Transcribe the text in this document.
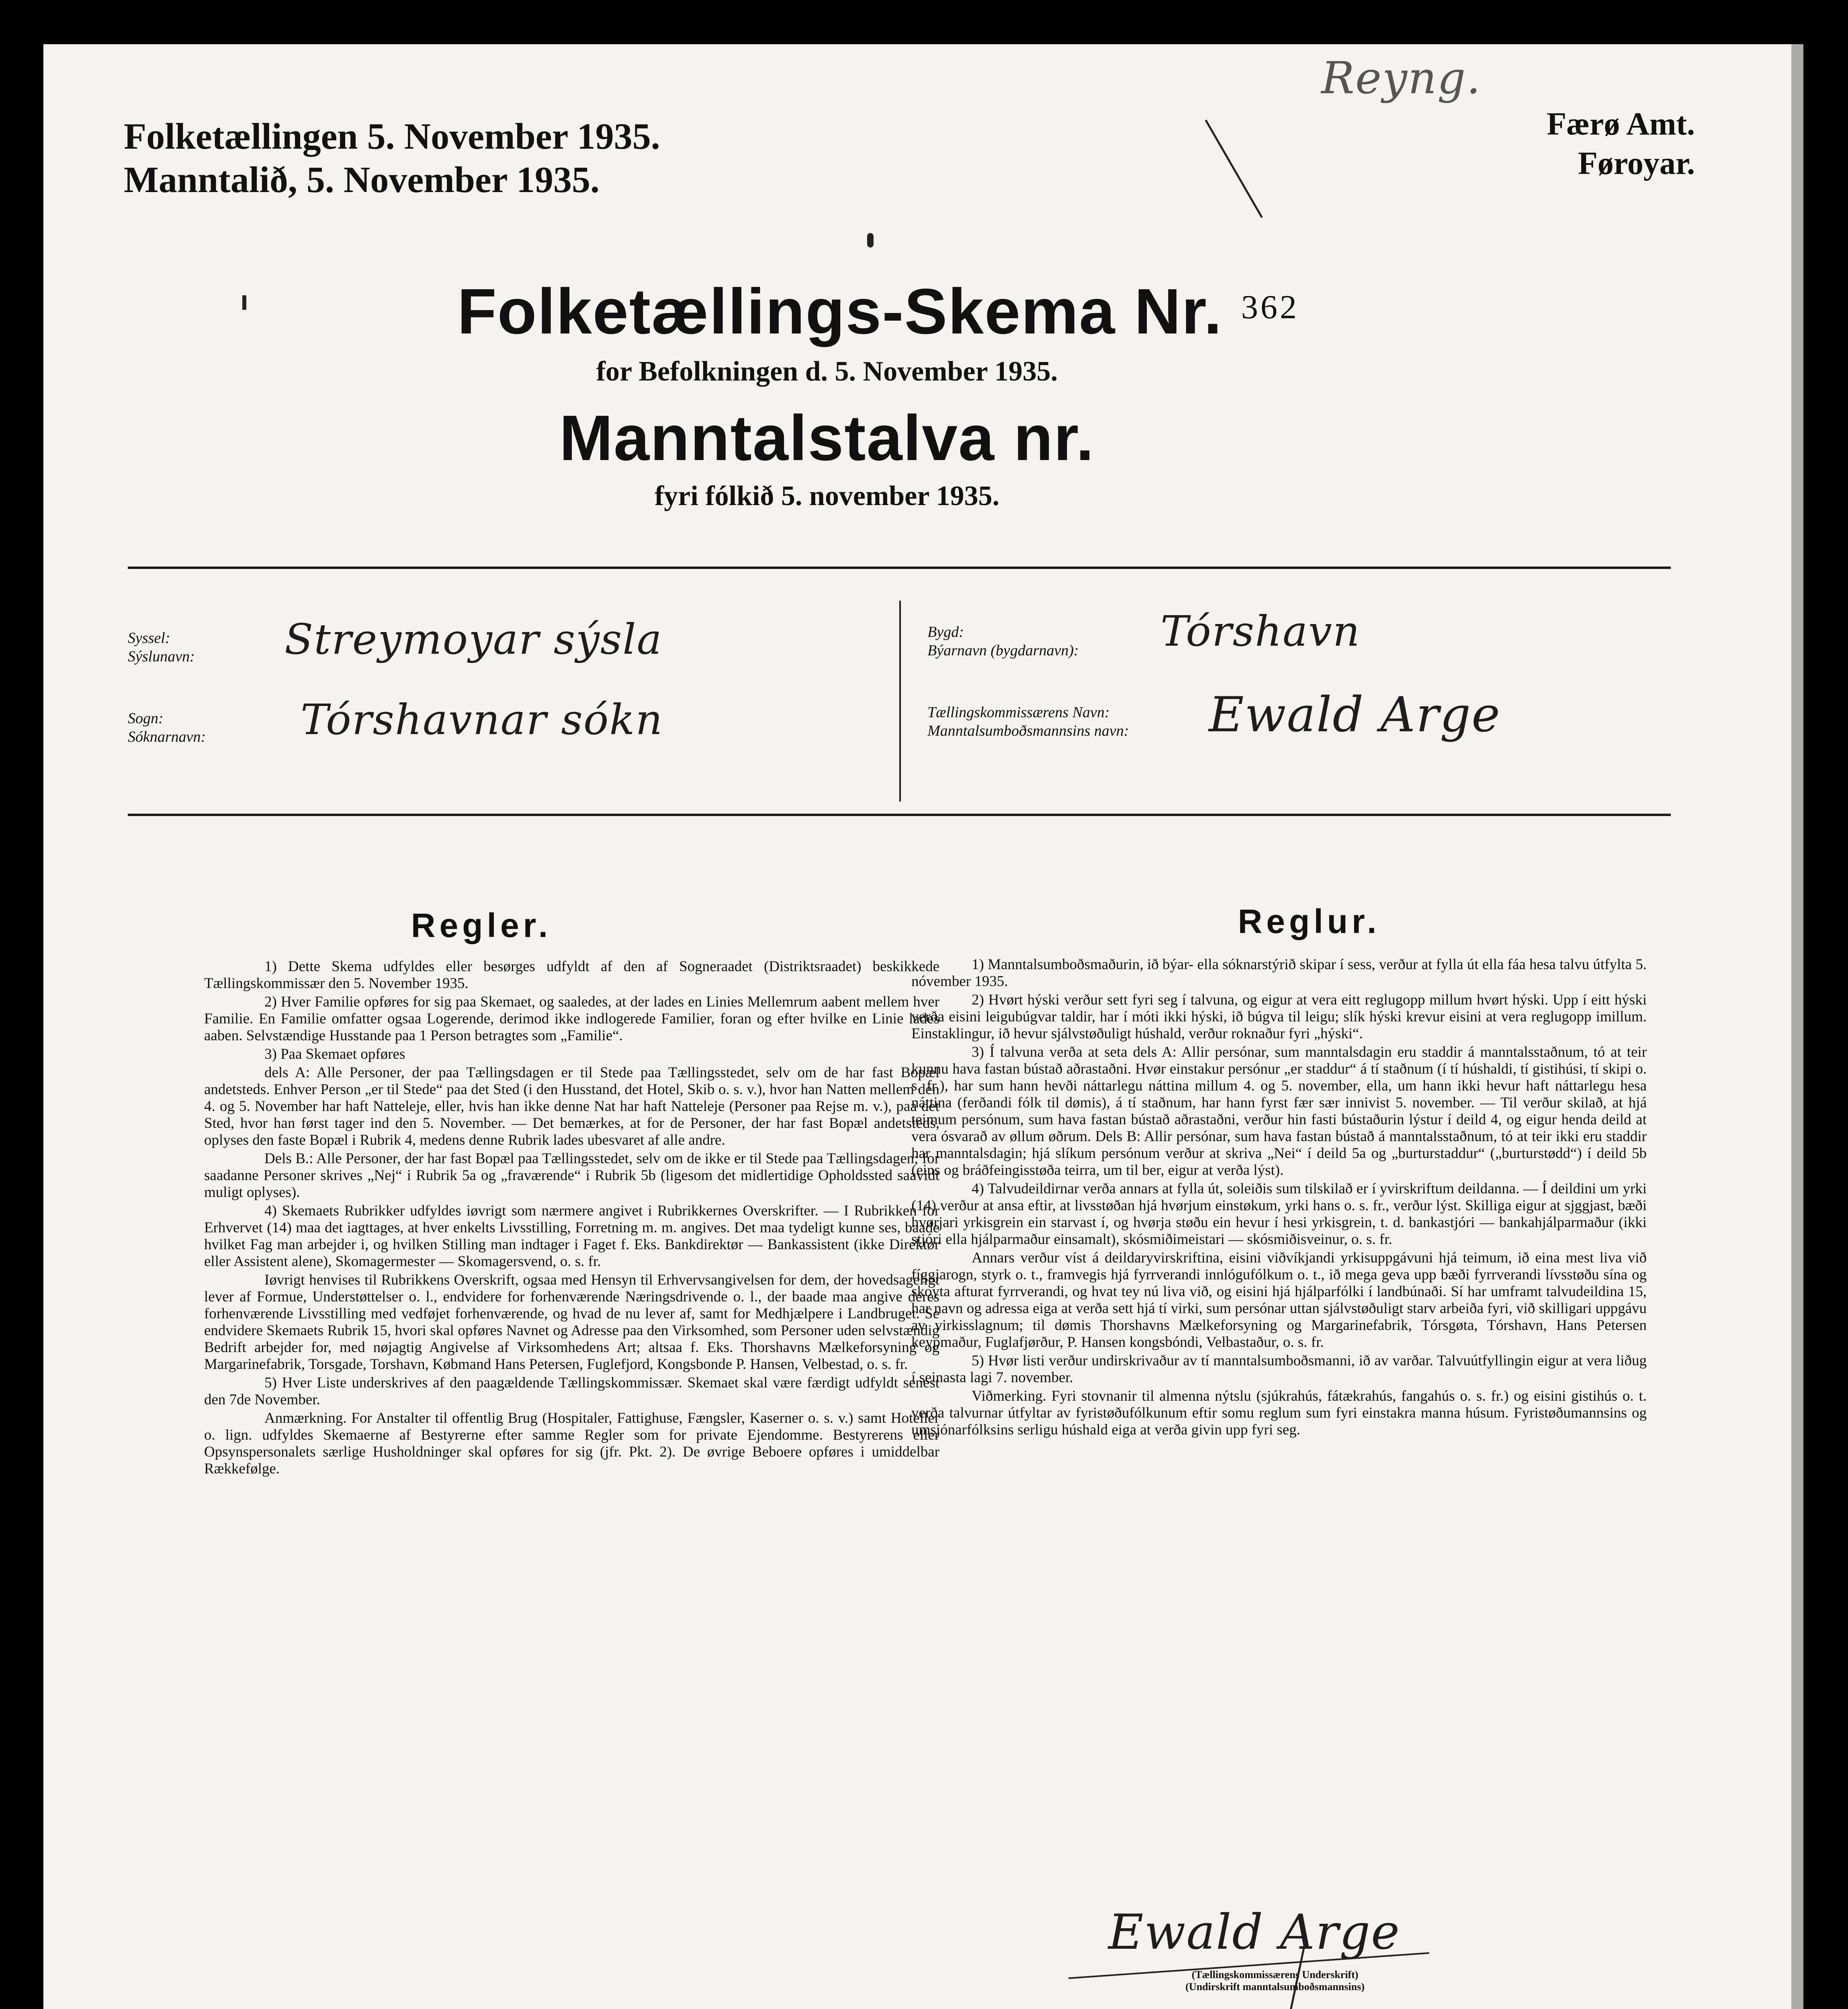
Folketællingen 5. November 1935.
Manntalið, 5. November 1935.
Færø Amt.
Føroyar.
Reyng.
Folketællings-Skema Nr. $^{362}$
for Befolkningen d. 5. November 1935.
Manntalstalva nr.
fyri fólkið 5. november 1935.
Syssel:
Sýslunavn: Streymoyar sýsla
Sogn:
Sóknarnavn: Tórshavnar sókn
Bygd:
Býarnavn (bygdarnavn): Tórshavn
Tællingskommissærens Navn:
Manntalsumboðsmannsins navn: Ewald Arge
Regler.

1) Dette Skema udfyldes eller besørges udfyldt af den af Sogneraadet (Distriktsraadet) beskikkede Tællingskommissær den 5. November 1935.

2) Hver Familie opføres for sig paa Skemaet, og saaledes, at der lades en Linies Mellemrum aabent mellem hver Familie. En Familie omfatter ogsaa Logerende, derimod ikke indlogerede Familier, foran og efter hvilke en Linie lades aaben. Selvstændige Husstande paa 1 Person betragtes som „Familie“.

3) Paa Skemaet opføres

dels A: Alle Personer, der paa Tællingsdagen er til Stede paa Tællingsstedet, selv om de har fast Bopæl andetsteds. Enhver Person „er til Stede“ paa det Sted (i den Husstand, det Hotel, Skib o. s. v.), hvor han Natten mellem den 4. og 5. November har haft Natteleje, eller, hvis han ikke denne Nat har haft Natteleje (Personer paa Rejse m. v.), paa det Sted, hvor han først tager ind den 5. November. — Det bemærkes, at for de Personer, der har fast Bopæl andetsteds, oplyses den faste Bopæl i Rubrik 4, medens denne Rubrik lades ubesvaret af alle andre.

Dels B.: Alle Personer, der har fast Bopæl paa Tællingsstedet, selv om de ikke er til Stede paa Tællingsdagen; for saadanne Personer skrives „Nej“ i Rubrik 5a og „fraværende“ i Rubrik 5b (ligesom det midlertidige Opholdssted saavidt muligt oplyses).

4) Skemaets Rubrikker udfyldes iøvrigt som nærmere angivet i Rubrikkernes Overskrifter. — I Rubrikken for Erhvervet (14) maa det iagttages, at hver enkelts Livsstilling, Forretning m. m. angives. Det maa tydeligt kunne ses, baade hvilket Fag man arbejder i, og hvilken Stilling man indtager i Faget f. Eks. Bankdirektør — Bankassistent (ikke Direktør eller Assistent alene), Skomagermester — Skomagersvend, o. s. fr.

Iøvrigt henvises til Rubrikkens Overskrift, ogsaa med Hensyn til Erhvervsangivelsen for dem, der hovedsageligt lever af Formue, Understøttelser o. l., endvidere for forhenværende Næringsdrivende o. l., der baade maa angive deres forhenværende Livsstilling med vedføjet forhenværende, og hvad de nu lever af, samt for Medhjælpere i Landbruget. Se endvidere Skemaets Rubrik 15, hvori skal opføres Navnet og Adresse paa den Virksomhed, som Personer uden selvstændig Bedrift arbejder for, med nøjagtig Angivelse af Virksomhedens Art; altsaa f. Eks. Thorshavns Mælkeforsyning og Margarinefabrik, Torsgade, Torshavn, Købmand Hans Petersen, Fuglefjord, Kongsbonde P. Hansen, Velbestad, o. s. fr.

5) Hver Liste underskrives af den paagældende Tællingskommissær. Skemaet skal være færdigt udfyldt senest den 7de November.

Anmærkning. For Anstalter til offentlig Brug (Hospitaler, Fattighuse, Fængsler, Kaserner o. s. v.) samt Hoteller o. lign. udfyldes Skemaerne af Bestyrerne efter samme Regler som for private Ejendomme. Bestyrerens eller Opsynspersonalets særlige Husholdninger skal opføres for sig (jfr. Pkt. 2). De øvrige Beboere opføres i umiddelbar Rækkefølge.

Reglur.

1) Manntalsumboðsmaðurin, ið býar- ella sóknarstýrið skipar í sess, verður at fylla út ella fáa hesa talvu útfylta 5. nóvember 1935.

2) Hvørt hýski verður sett fyri seg í talvuna, og eigur at vera eitt reglugopp millum hvørt hýski. Upp í eitt hýski verða eisini leigubúgvar taldir, har í móti ikki hýski, ið búgva til leigu; slík hýski krevur eisini at vera reglugopp imillum. Einstaklingur, ið hevur sjálvstøðuligt húshald, verður roknaður fyri „hýski“.

3) Í talvuna verða at seta dels A: Allir persónar, sum manntalsdagin eru staddir á manntalsstaðnum, tó at teir kunnu hava fastan bústað aðrastaðni. Hvør einstakur persónur „er staddur“ á tí staðnum (í tí húshaldi, tí gistihúsi, tí skipi o. s. fr.), har sum hann hevði náttarlegu náttina millum 4. og 5. november, ella, um hann ikki hevur haft náttarlegu hesa náttina (ferðandi fólk til dømis), á tí staðnum, har hann fyrst fær sær innivist 5. november. — Til verður skilað, at hjá teimum persónum, sum hava fastan bústað aðrastaðni, verður hin fasti bústaðurin lýstur í deild 4, og eigur henda deild at vera ósvarað av øllum øðrum. Dels B: Allir persónar, sum hava fastan bústað á manntalsstaðnum, tó at teir ikki eru staddir har manntalsdagin; hjá slíkum persónum verður at skriva „Nei“ í deild 5a og „burturstaddur“ („burturstødd“) í deild 5b (eins og bráðfeingisstøða teirra, um til ber, eigur at verða lýst).

4) Talvudeildirnar verða annars at fylla út, soleiðis sum tilskilað er í yvirskriftum deildanna. — Í deildini um yrki (14) verður at ansa eftir, at livsstøðan hjá hvørjum einstøkum, yrki hans o. s. fr., verður lýst. Skilliga eigur at sjggjast, bæði hvørjari yrkisgrein ein starvast í, og hvørja støðu ein hevur í hesi yrkisgrein, t. d. bankastjóri — bankahjálparmaður (ikki stjóri ella hjálparmaður einsamalt), skósmiðimeistari — skósmiðisveinur, o. s. fr.

Annars verður víst á deildaryvirskriftina, eisini viðvíkjandi yrkisuppgávuni hjá teimum, ið eina mest liva við fíggjarogn, styrk o. t., framvegis hjá fyrrverandi innlógufólkum o. t., ið mega geva upp bæði fyrrverandi lívsstøðu sína og skoyta afturat fyrrverandi, og hvat tey nú liva við, og eisini hjá hjálparfólki í landbúnaði. Sí har umframt talvudeildina 15, har navn og adressa eiga at verða sett hjá tí virki, sum persónar uttan sjálvstøðuligt starv arbeiða fyri, við skilligari uppgávu av virkisslagnum; til dømis Thorshavns Mælkeforsyning og Margarinefabrik, Tórsgøta, Tórshavn, Hans Petersen keypmaður, Fuglafjørður, P. Hansen kongsbóndi, Velbastaður, o. s. fr.

5) Hvør listi verður undirskrivaður av tí manntalsumboðsmanni, ið av varðar. Talvuútfyllingin eigur at vera liðug í seinasta lagi 7. november.

Viðmerking. Fyri stovnanir til almenna nýtslu (sjúkrahús, fátækrahús, fangahús o. s. fr.) og eisini gistihús o. t. verða talvurnar útfyltar av fyristøðufólkunum eftir somu reglum sum fyri einstakra manna húsum. Fyristøðumannsins og umsjónarfólksins serligu húshald eiga at verða givin upp fyri seg.

Ewald Arge
(Tællingskommissærens Underskrift)
(Undirskrift manntalsumboðsmannsins)
